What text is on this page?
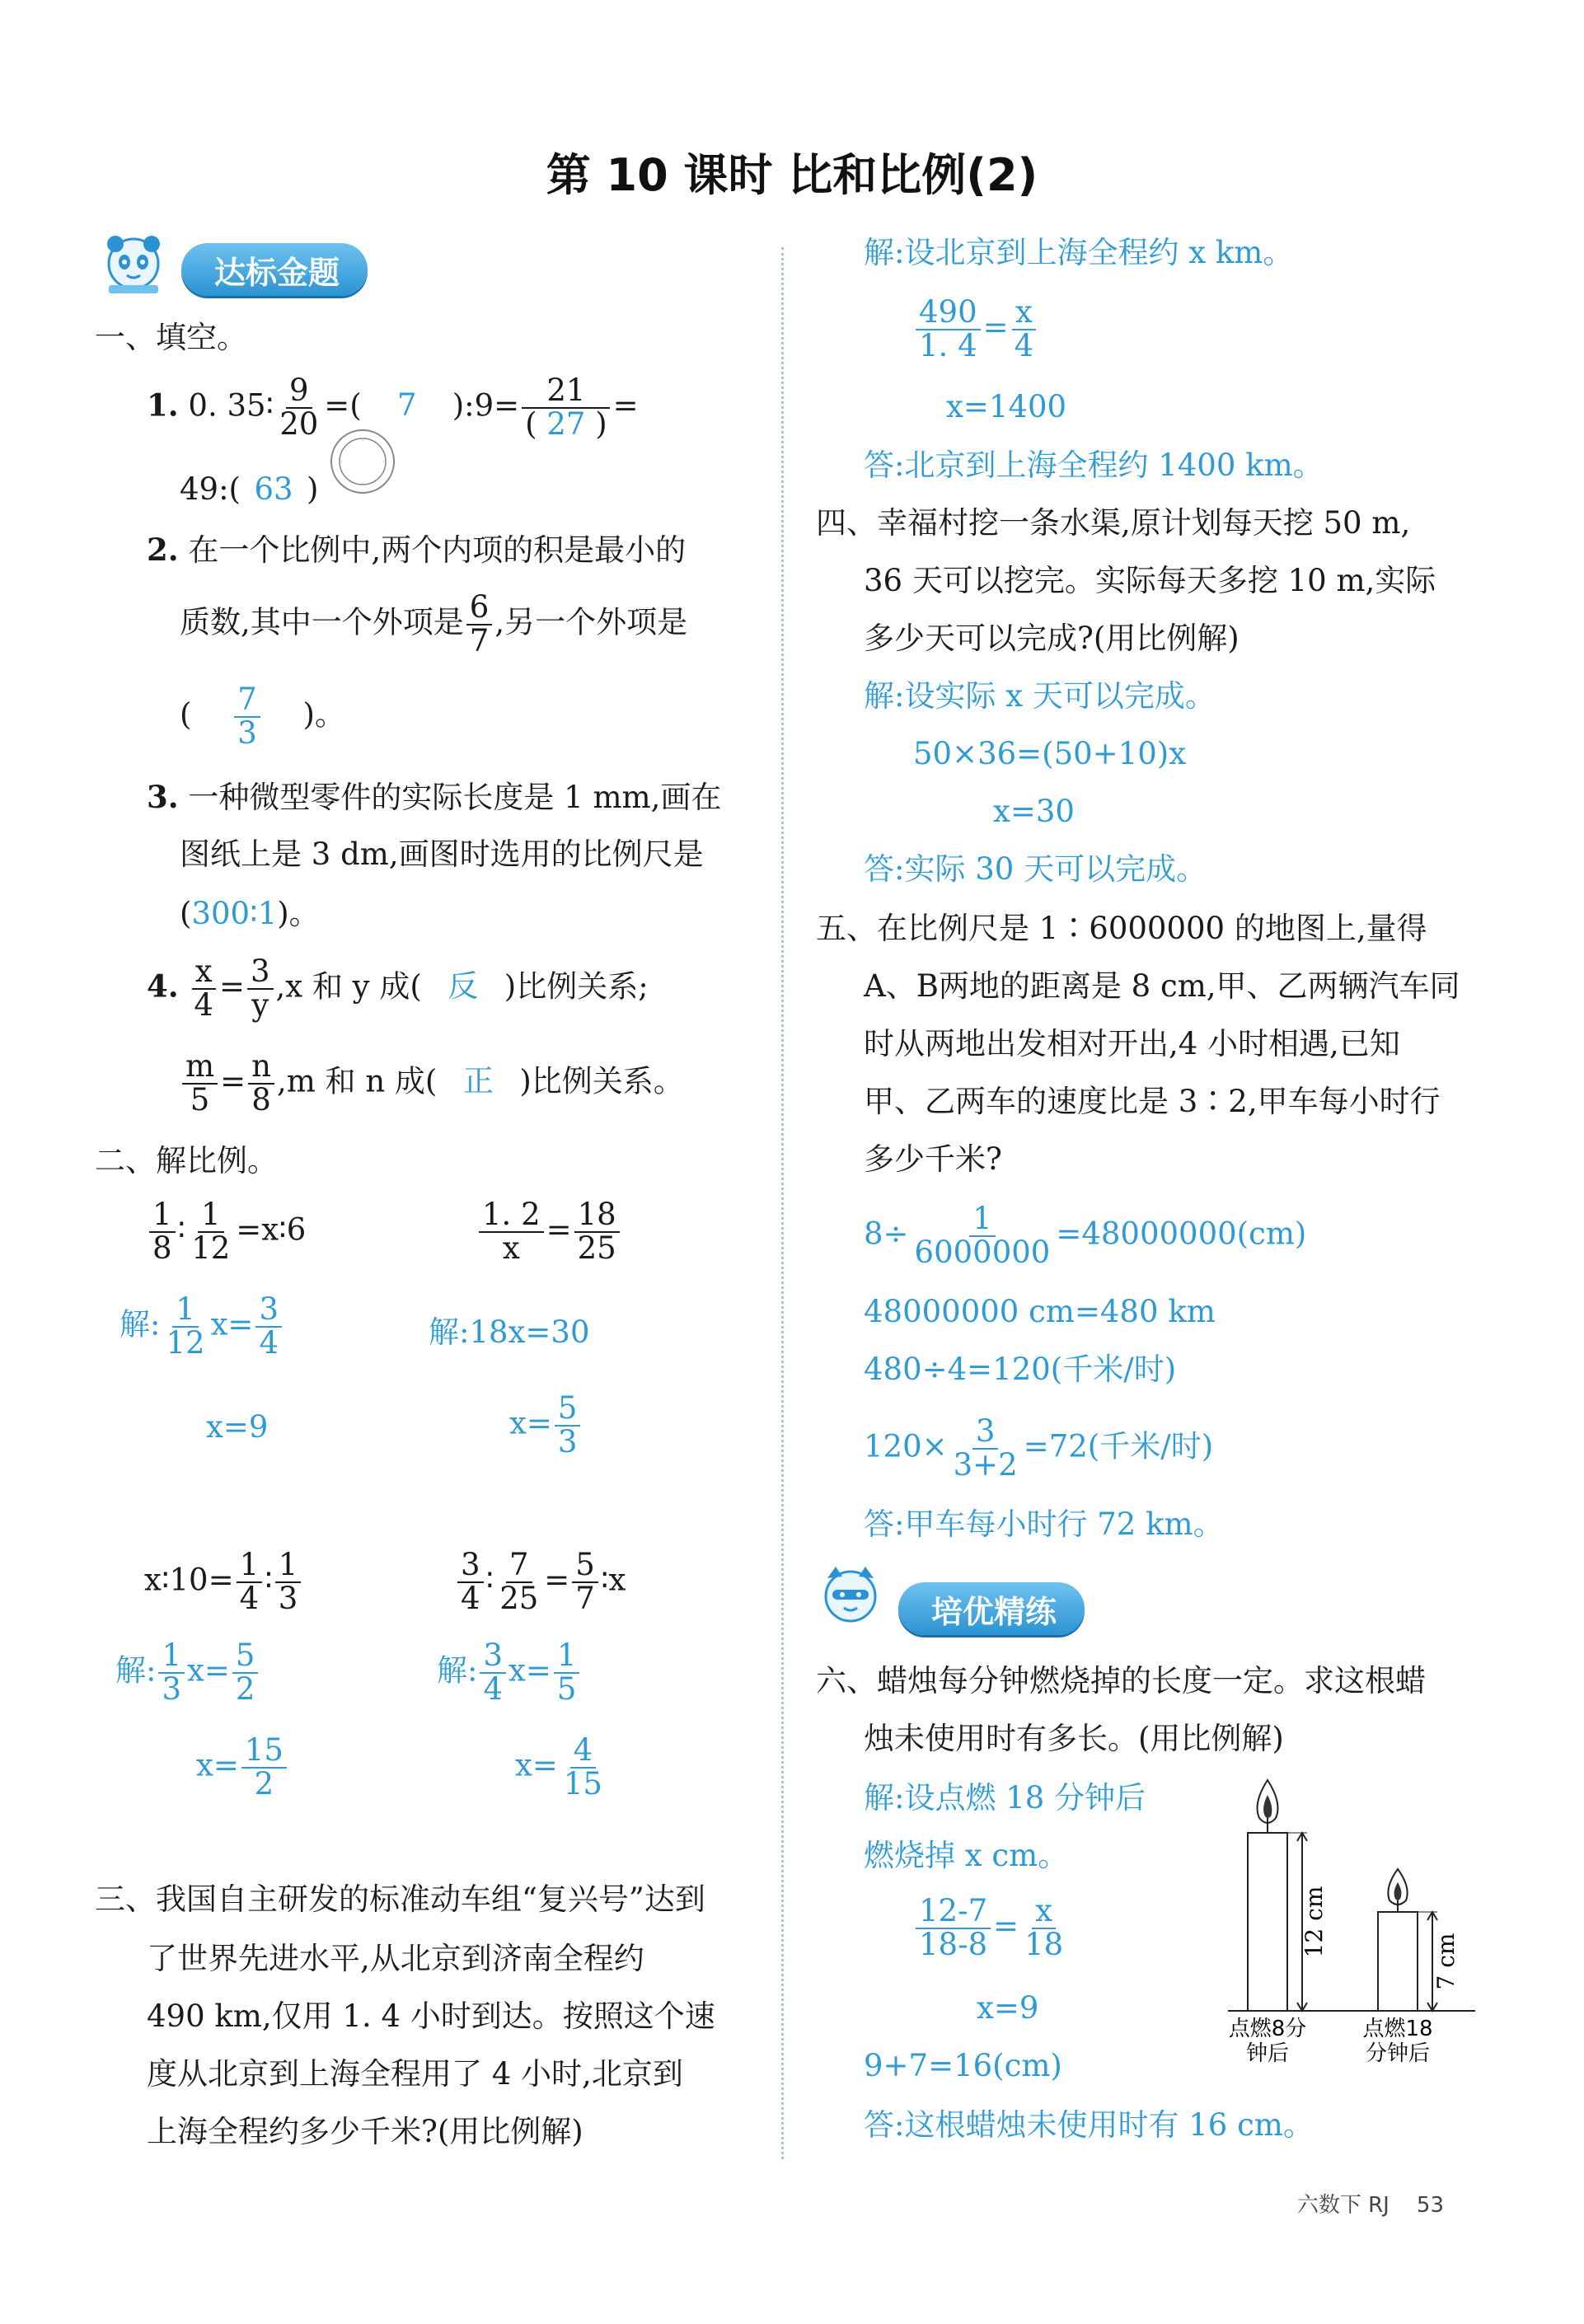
第 10 课时 比和比例(2)
达标金题
一、填空。
1. 0. 35∶ $\frac{9}{20}$ =( 7 ):9= $\frac{21}{( 27 )}$ =
49:( 63 )
2. 在一个比例中,两个内项的积是最小的
质数,其中一个外项是 $\frac{6}{7}$ ,另一个外项是
( $\frac{7}{3}$ )。
3. 一种微型零件的实际长度是 1 mm,画在
图纸上是 3 dm,画图时选用的比例尺是
(300∶1)。
4. $\frac{x}{4} = \frac{3}{y} ,x$ 和 y 成( 反 )比例关系;
$\frac{m}{5} = \frac{n}{8} ,m$ 和 n 成( 正 )比例关系。
二、解比例。
$\frac{1}{8}$ ∶ $\frac{1}{12}$ =x∶6
解: $\frac{1}{12} x= \frac{3}{4}$
x=9
$\frac{1. 2}{x} = \frac{18}{25}$
解:18x=30
$x= \frac{5}{3}$
x∶10= $\frac{1}{4}$ ∶ $\frac{1}{3}$
解: $\frac{1}{3} x= \frac{5}{2}$
$x= \frac{15}{2}$
$\frac{3}{4}$ ∶ $\frac{7}{25} = \frac{5}{7}$ ∶x
解: $\frac{3}{4} x= \frac{1}{5}$
$x= \frac{4}{15}$
三、我国自主研发的标准动车组“复兴号”达到
了世界先进水平,从北京到济南全程约
490 km,仅用 1. 4 小时到达。按照这个速
度从北京到上海全程用了 4 小时,北京到
上海全程约多少千米?(用比例解)
解:设北京到上海全程约 x km。
$\frac{490}{1. 4} = \frac{x}{4}$
x=1400
答:北京到上海全程约 1400 km。
四、幸福村挖一条水渠,原计划每天挖 50 m,
36 天可以挖完。实际每天多挖 10 m,实际
多少天可以完成?(用比例解)
解:设实际 x 天可以完成。
50×36=(50+10)x
x=30
答:实际 30 天可以完成。
五、在比例尺是 1∶6000000 的地图上,量得
A、B两地的距离是 8 cm,甲、乙两辆汽车同
时从两地出发相对开出,4 小时相遇,已知
甲、乙两车的速度比是 3∶2,甲车每小时行
多少千米?
$8\div \frac{1}{6000000} =48000000(cm)$
48000000 cm=480 km
480÷4=120(千米/时)
$120\times \frac{3}{3+2} =72$(千米/时)
答:甲车每小时行 72 km。
培优精练
六、蜡烛每分钟燃烧掉的长度一定。求这根蜡
烛未使用时有多长。(用比例解)
解:设点燃 18 分钟后
燃烧掉 x cm。
$\frac{12-7}{18-8} = \frac{x}{18}$
x=9
9+7=16(cm)
答:这根蜡烛未使用时有 16 cm。
12 cm
7 cm
点燃8分
钟后
点燃18
分钟后
六数下 RJ 53
